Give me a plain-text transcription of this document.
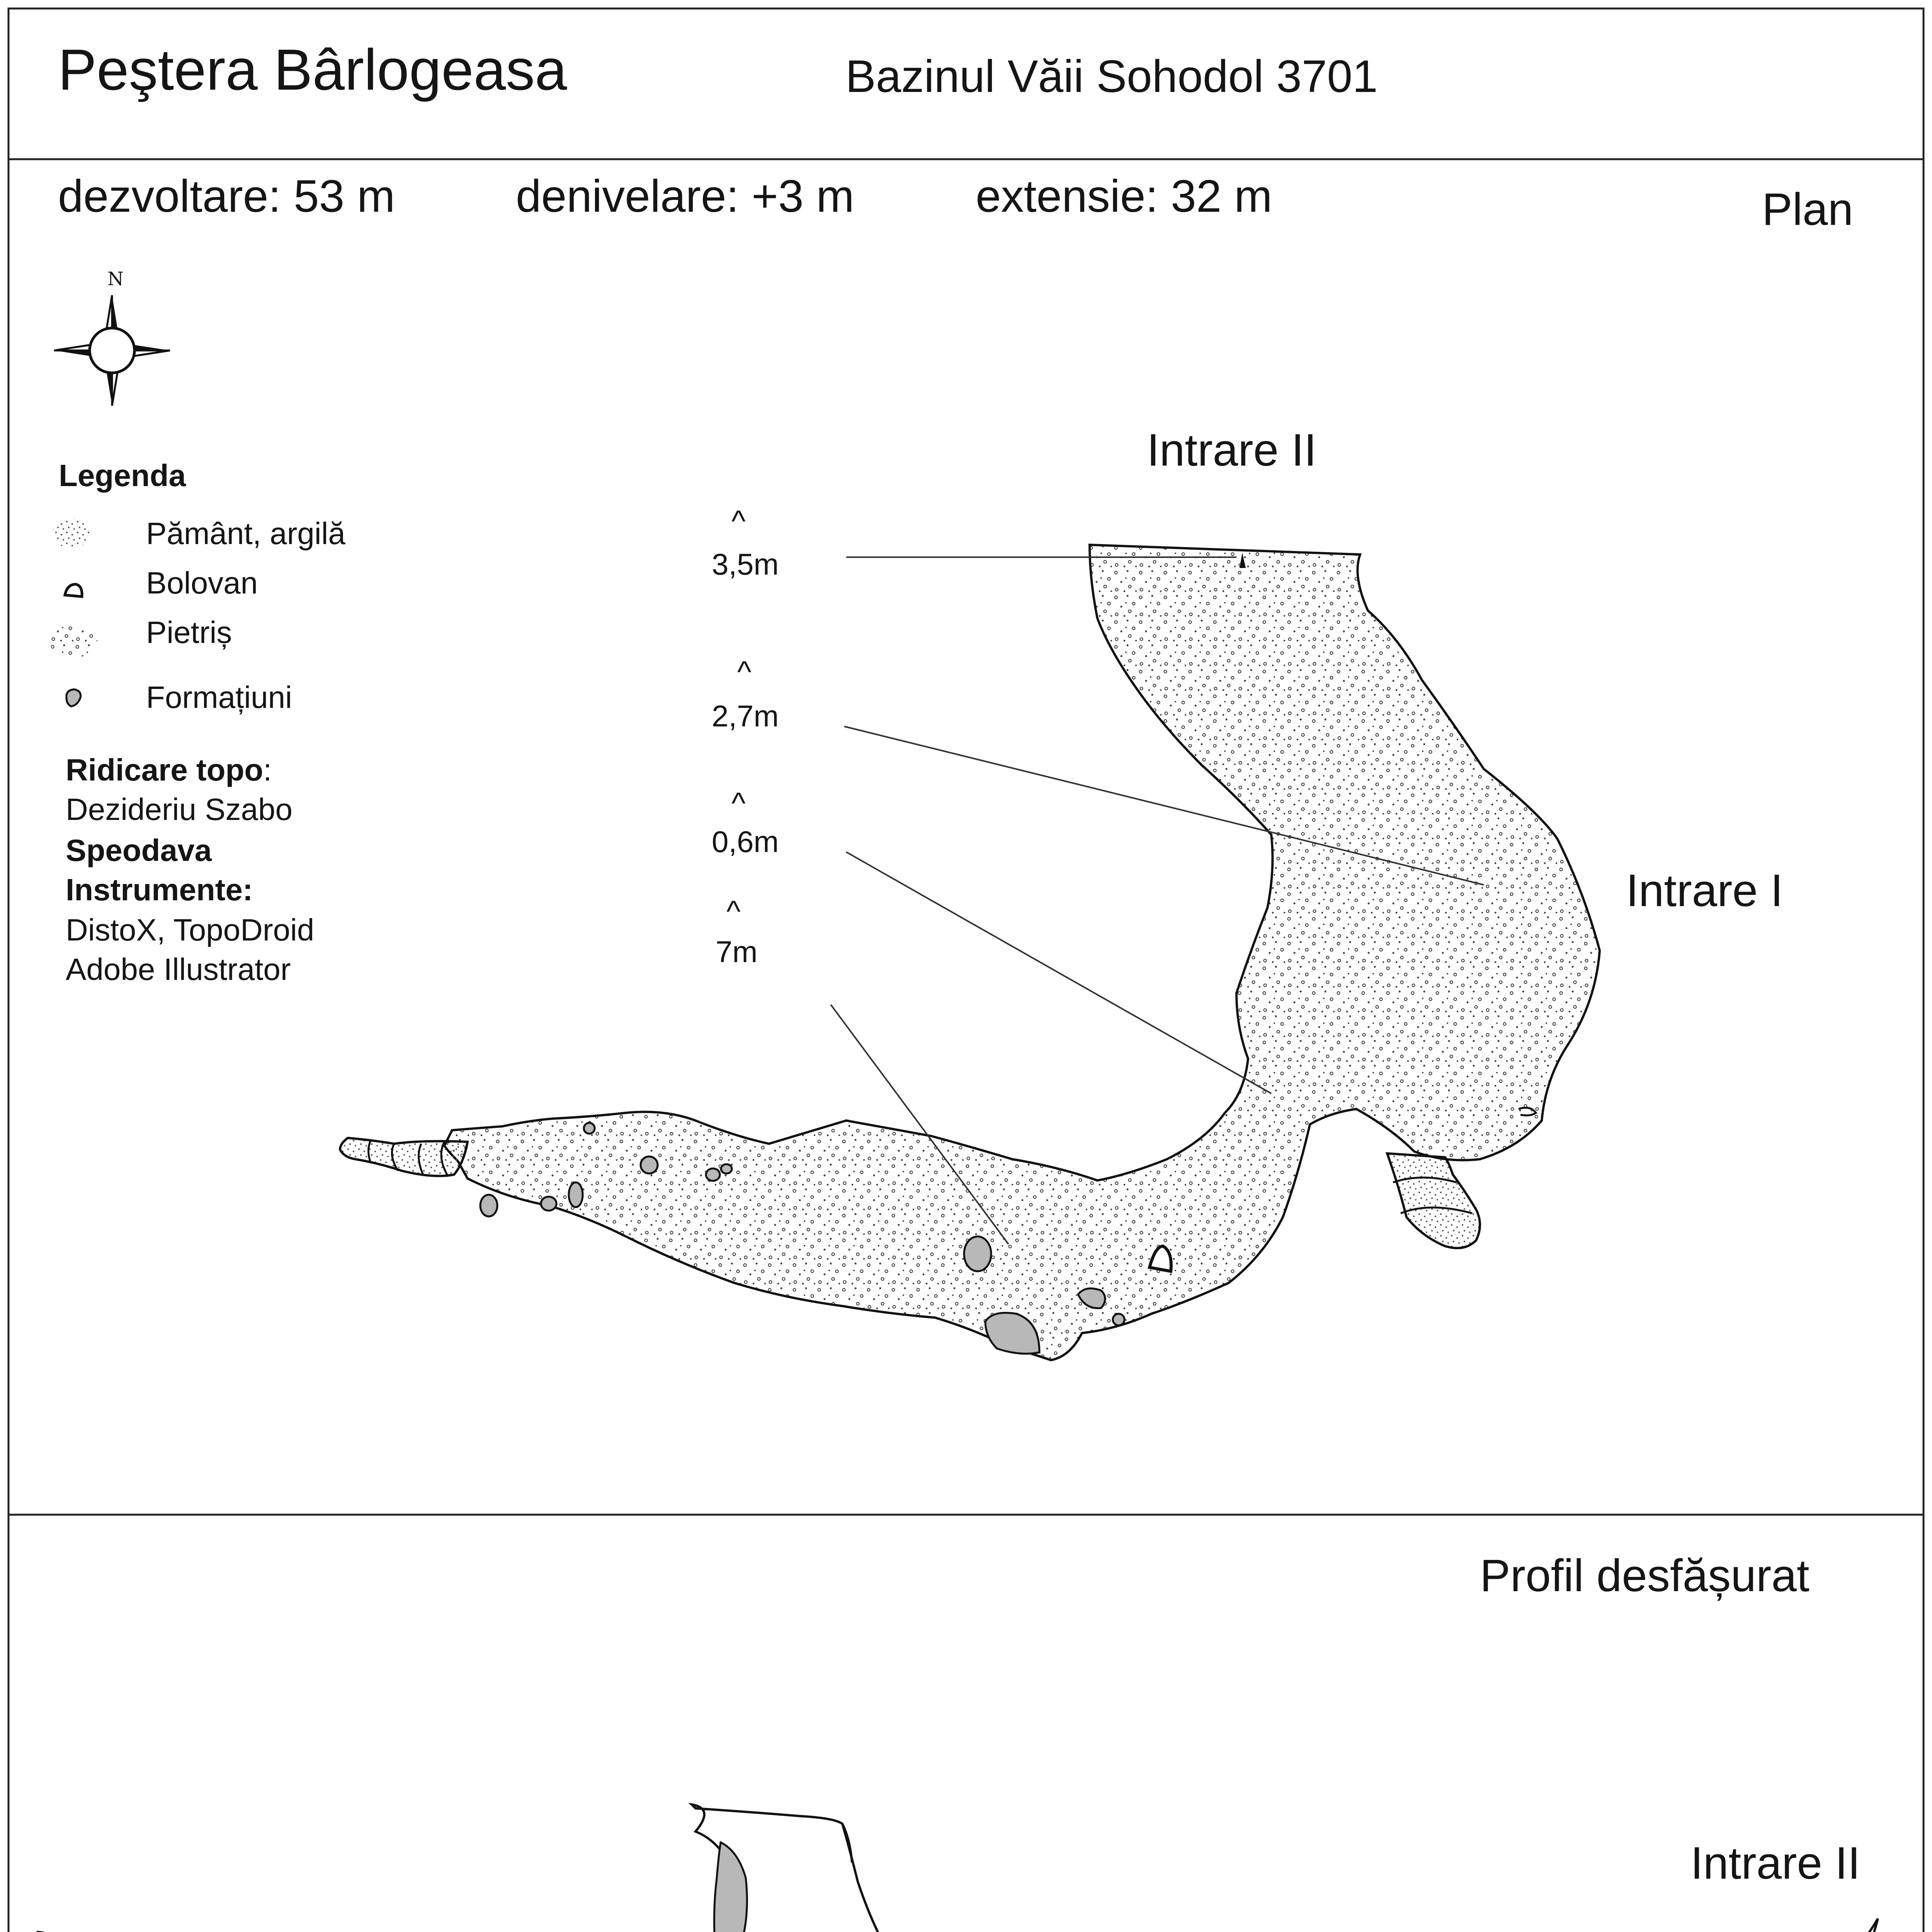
Peştera Bârlogeasa	Bazinul Văii Sohodol 3701
dezvoltare: 53 m	denivelare: +3 m	extensie: 32 m	Plan
N
Legenda
Pământ, argilă
Bolovan
Pietriș
Formațiuni
Ridicare topo:
Dezideriu Szabo
Speodava
Instrumente:
DistoX, TopoDroid
Adobe Illustrator
^
3,5m
^
2,7m
^
0,6m
^
7m
Intrare II
Intrare I
Profil desfășurat
Intrare II
